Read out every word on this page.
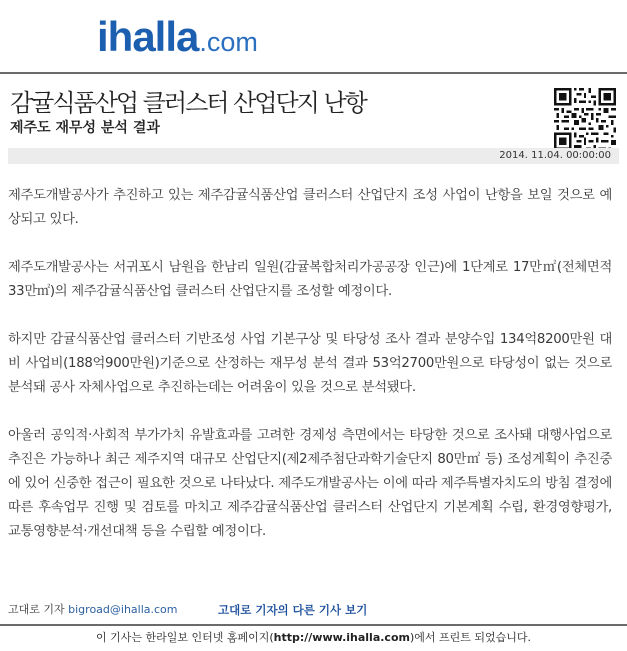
ihalla .com
감귤식품산업 클러스터 산업단지 난항
제주도 재무성 분석 결과
2014. 11.04. 00:00:00

제주도개발공사가 추진하고 있는 제주감귤식품산업 클러스터 산업단지 조성 사업이 난항을 보일 것으로 예상되고 있다.

제주도개발공사는 서귀포시 남원읍 한남리 일원(감귤복합처리가공공장 인근)에 1단계로 17만㎡(전체면적 33만㎡)의 제주감귤식품산업 클러스터 산업단지를 조성할 예정이다.

하지만 감귤식품산업 클러스터 기반조성 사업 기본구상 및 타당성 조사 결과 분양수입 134억8200만원 대비 사업비(188억900만원)기준으로 산정하는 재무성 분석 결과 53억2700만원으로 타당성이 없는 것으로 분석돼 공사 자체사업으로 추진하는데는 어려움이 있을 것으로 분석됐다.

아울러 공익적·사회적 부가가치 유발효과를 고려한 경제성 측면에서는 타당한 것으로 조사돼 대행사업으로 추진은 가능하나 최근 제주지역 대규모 산업단지(제2제주첨단과학기술단지 80만㎡ 등) 조성계획이 추진중에 있어 신중한 접근이 필요한 것으로 나타났다. 제주도개발공사는 이에 따라 제주특별자치도의 방침 결정에 따른 후속업무 진행 및 검토를 마치고 제주감귤식품산업 클러스터 산업단지 기본계획 수립, 환경영향평가, 교통영향분석·개선대책 등을 수립할 예정이다.

고대로 기자 bigroad@ihalla.com	고대로 기자의 다른 기사 보기
이 기사는 한라일보 인터넷 홈페이지(http://www.ihalla.com)에서 프린트 되었습니다.
